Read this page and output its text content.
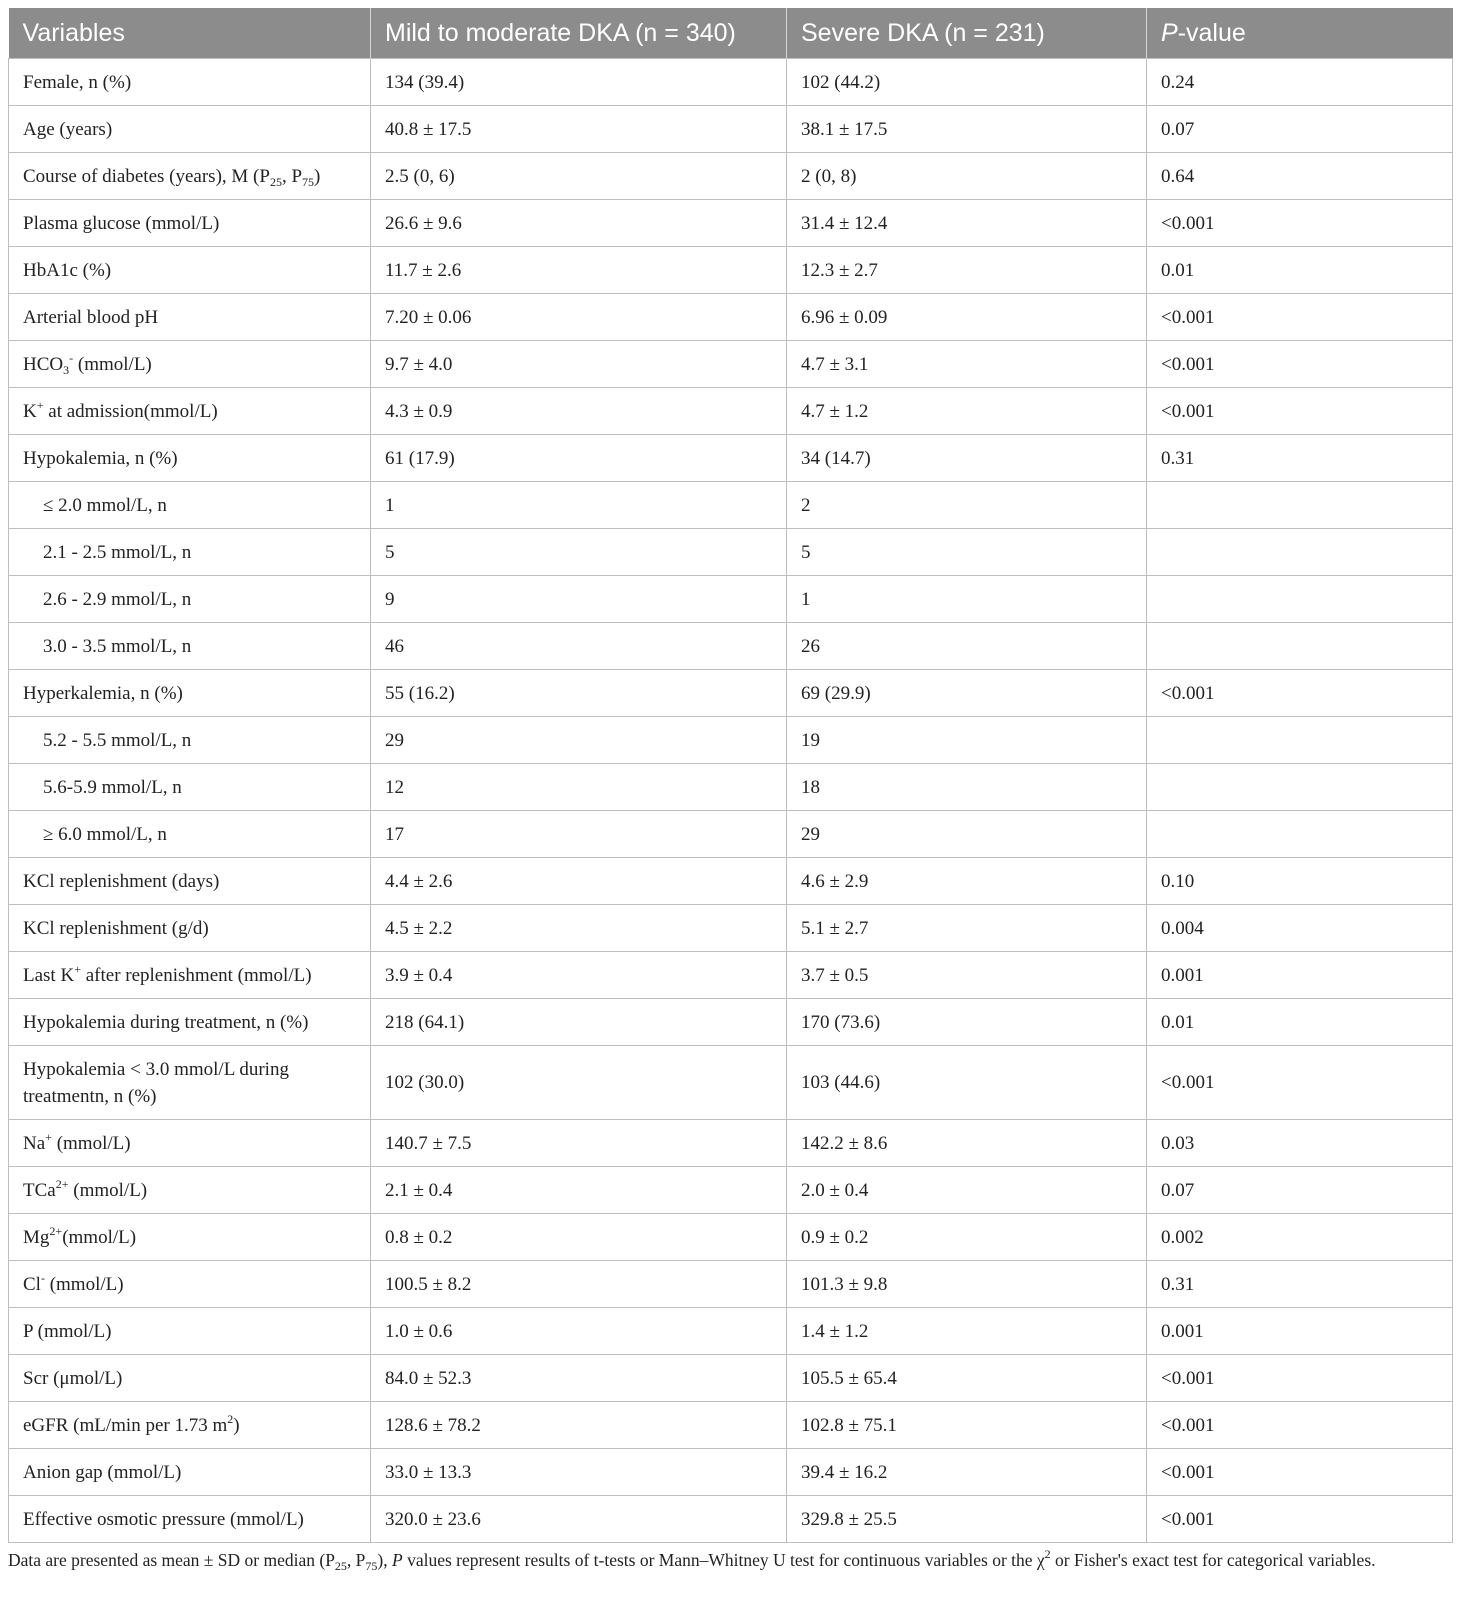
Variables	Mild to moderate DKA (n = 340)	Severe DKA (n = 231)	P-value
Female, n (%)	134 (39.4)	102 (44.2)	0.24
Age (years)	40.8 ± 17.5	38.1 ± 17.5	0.07
Course of diabetes (years), M ($P_{25}$, $P_{75}$)	2.5 (0, 6)	2 (0, 8)	0.64
Plasma glucose (mmol/L)	26.6 ± 9.6	31.4 ± 12.4	<0.001
HbA1c (%)	11.7 ± 2.6	12.3 ± 2.7	0.01
Arterial blood pH	7.20 ± 0.06	6.96 ± 0.09	<0.001
$HCO_3^-$ (mmol/L)	9.7 ± 4.0	4.7 ± 3.1	<0.001
K+ at admission(mmol/L)	4.3 ± 0.9	4.7 ± 1.2	<0.001
Hypokalemia, n (%)	61 (17.9)	34 (14.7)	0.31
≤ 2.0 mmol/L, n	1	2	
2.1 - 2.5 mmol/L, n	5	5	
2.6 - 2.9 mmol/L, n	9	1	
3.0 - 3.5 mmol/L, n	46	26	
Hyperkalemia, n (%)	55 (16.2)	69 (29.9)	<0.001
5.2 - 5.5 mmol/L, n	29	19	
5.6-5.9 mmol/L, n	12	18	
≥ 6.0 mmol/L, n	17	29	
KCl replenishment (days)	4.4 ± 2.6	4.6 ± 2.9	0.10
KCl replenishment (g/d)	4.5 ± 2.2	5.1 ± 2.7	0.004
Last K+ after replenishment (mmol/L)	3.9 ± 0.4	3.7 ± 0.5	0.001
Hypokalemia during treatment, n (%)	218 (64.1)	170 (73.6)	0.01
Hypokalemia < 3.0 mmol/L during treatmentn, n (%)	102 (30.0)	103 (44.6)	<0.001
Na+ (mmol/L)	140.7 ± 7.5	142.2 ± 8.6	0.03
TCa$^{2+}$ (mmol/L)	2.1 ± 0.4	2.0 ± 0.4	0.07
$Mg^{2+}(mmol/L)$	0.8 ± 0.2	0.9 ± 0.2	0.002
Cl- (mmol/L)	100.5 ± 8.2	101.3 ± 9.8	0.31
P (mmol/L)	1.0 ± 0.6	1.4 ± 1.2	0.001
Scr (μmol/L)	84.0 ± 52.3	105.5 ± 65.4	<0.001
eGFR (mL/min per 1.73 $m^2$)	128.6 ± 78.2	102.8 ± 75.1	<0.001
Anion gap (mmol/L)	33.0 ± 13.3	39.4 ± 16.2	<0.001
Effective osmotic pressure (mmol/L)	320.0 ± 23.6	329.8 ± 25.5	<0.001
Data are presented as mean ± SD or median ($P_{25}$, $P_{75}$), P values represent results of t-tests or Mann–Whitney U test for continuous variables or the $\chi^2$ or Fisher's exact test for categorical variables.
